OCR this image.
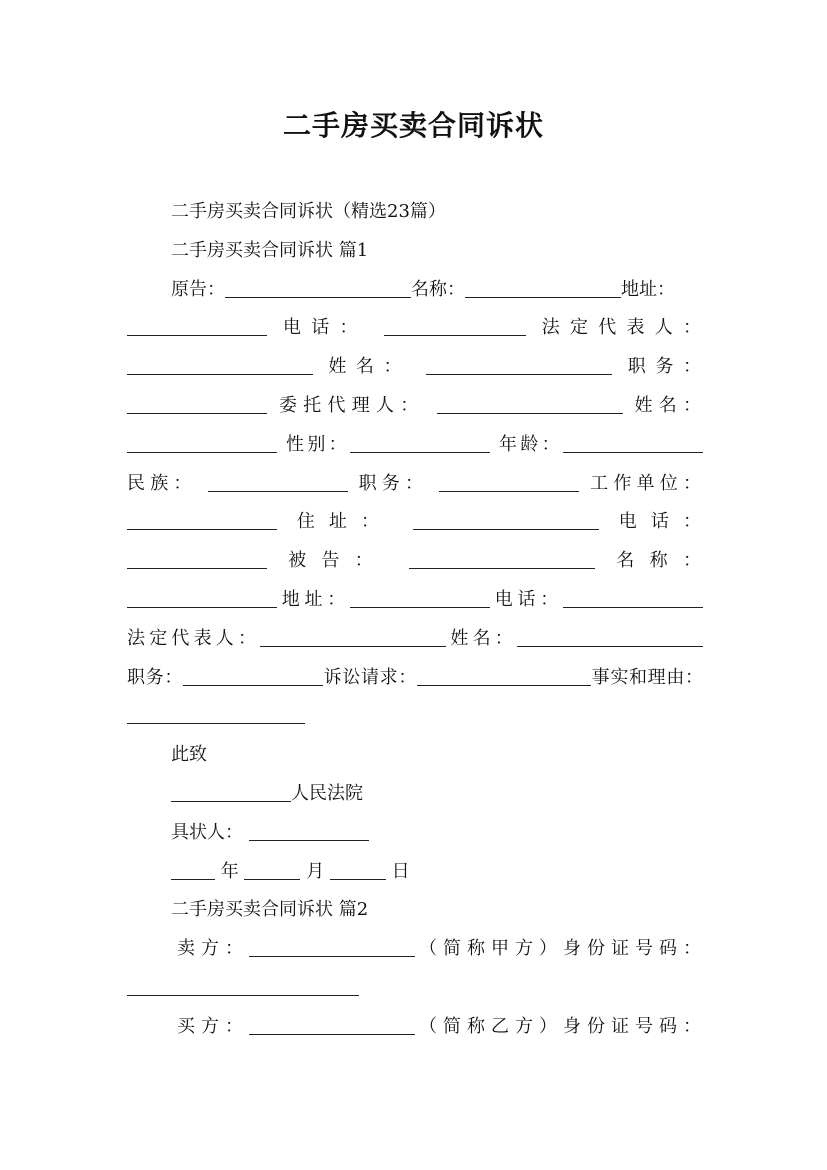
二手房买卖合同诉状

二手房买卖合同诉状（精选23篇）

二手房买卖合同诉状 篇1

原告：	名称：	地址：

电话：	法定代表人：

姓名：	职务：

委托代理人：	姓名：

性别：	年龄：

民族：	职务：	工作单位：

住址：	电话：

被告：	名称：

地址：	电话：

法定代表人：	姓名：

职务：	诉讼请求：	事实和理由：

此致

人民法院

具状人：

年	月	日

二手房买卖合同诉状 篇2

卖方：	（简称甲方）身份证号码：

买方：	（简称乙方）身份证号码：
